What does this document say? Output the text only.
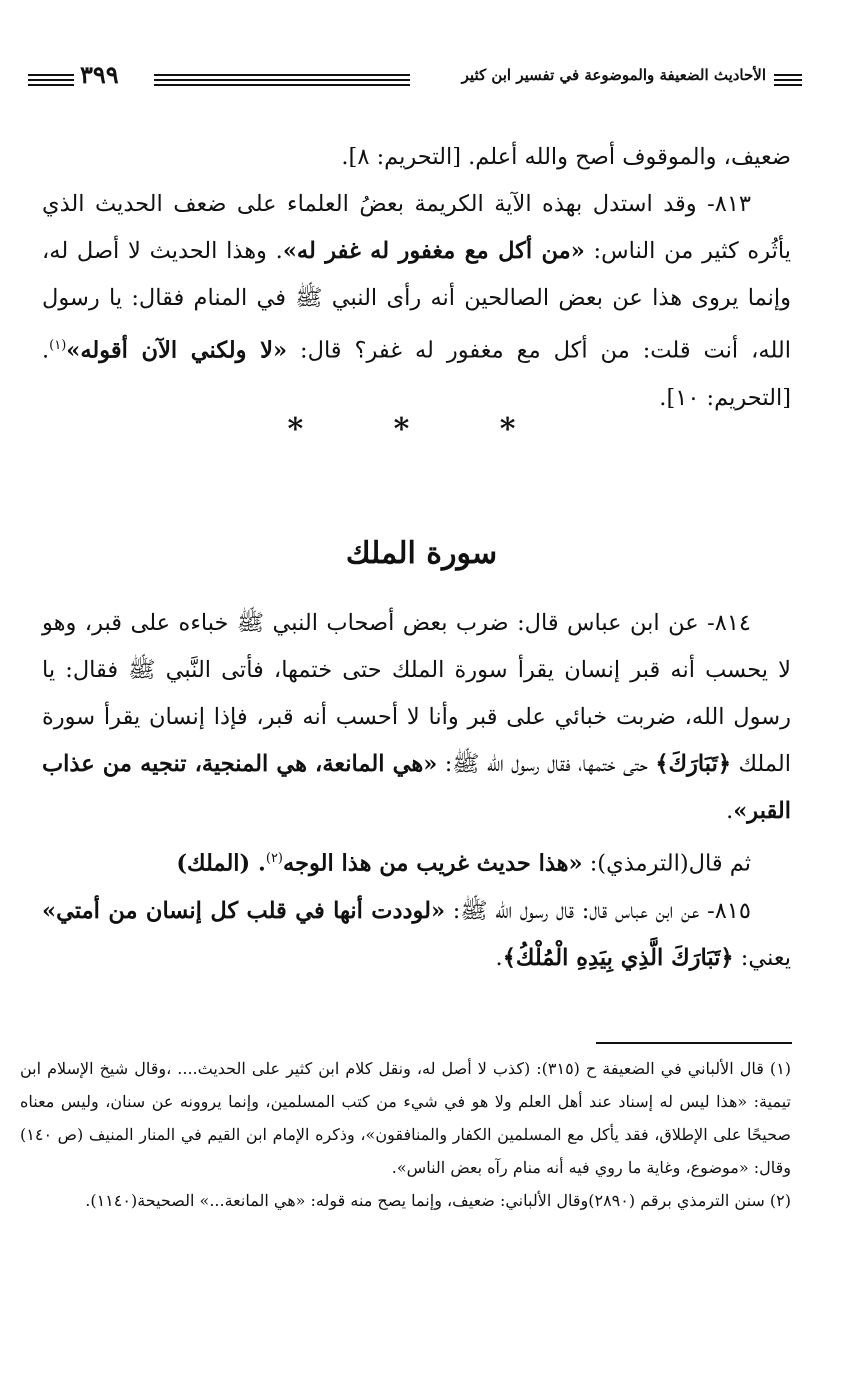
٣٩٩	الأحاديث الضعيفة والموضوعة في تفسير ابن كثير

ضعيف، والموقوف أصح والله أعلم. [التحريم: ٨].

٨١٣- وقد استدل بهذه الآية الكريمة بعضُ العلماء على ضعف الحديث الذي يأثُره كثير من الناس: «من أكل مع مغفور له غفر له». وهذا الحديث لا أصل له، وإنما يروى هذا عن بعض الصالحين أنه رأى النبي ﷺ في المنام فقال: يا رسول الله، أنت قلت: من أكل مع مغفور له غفر؟ قال: «لا ولكني الآن أقوله»$^{(١)}$. [التحريم: ١٠].

* * *
سورة الملك

٨١٤- عن ابن عباس قال: ضرب بعض أصحاب النبي ﷺ خباءه على قبر، وهو لا يحسب أنه قبر إنسان يقرأ سورة الملك حتى ختمها، فأتى النَّبي ﷺ فقال: يا رسول الله، ضربت خبائي على قبر وأنا لا أحسب أنه قبر، فإذا إنسان يقرأ سورة الملك ﴿تَبَارَكَ﴾ حتى ختمها، فقال رسول الله ﷺ: «هي المانعة، هي المنجية، تنجيه من عذاب القبر».

ثم قال(الترمذي): «هذا حديث غريب من هذا الوجه$^{(٢)}$. (الملك)

٨١٥- عن ابن عباس قال: قال رسول الله ﷺ: «لوددت أنها في قلب كل إنسان من أمتي» يعني: ﴿تَبَارَكَ الَّذِي بِيَدِهِ الْمُلْكُ﴾.

(١) قال الألباني في الضعيفة ح (٣١٥): (كذب لا أصل له، ونقل كلام ابن كثير على الحديث.... ،وقال شيخ الإسلام ابن تيمية: «هذا ليس له إسناد عند أهل العلم ولا هو في شيء من كتب المسلمين، وإنما يروونه عن سنان، وليس معناه صحيحًا على الإطلاق، فقد يأكل مع المسلمين الكفار والمنافقون»، وذكره الإمام ابن القيم في المنار المنيف (ص ١٤٠) وقال: «موضوع، وغاية ما روي فيه أنه منام رآه بعض الناس».

(٢) سنن الترمذي برقم (٢٨٩٠)وقال الألباني: ضعيف، وإنما يصح منه قوله: «هي المانعة...» الصحيحة(١١٤٠).
